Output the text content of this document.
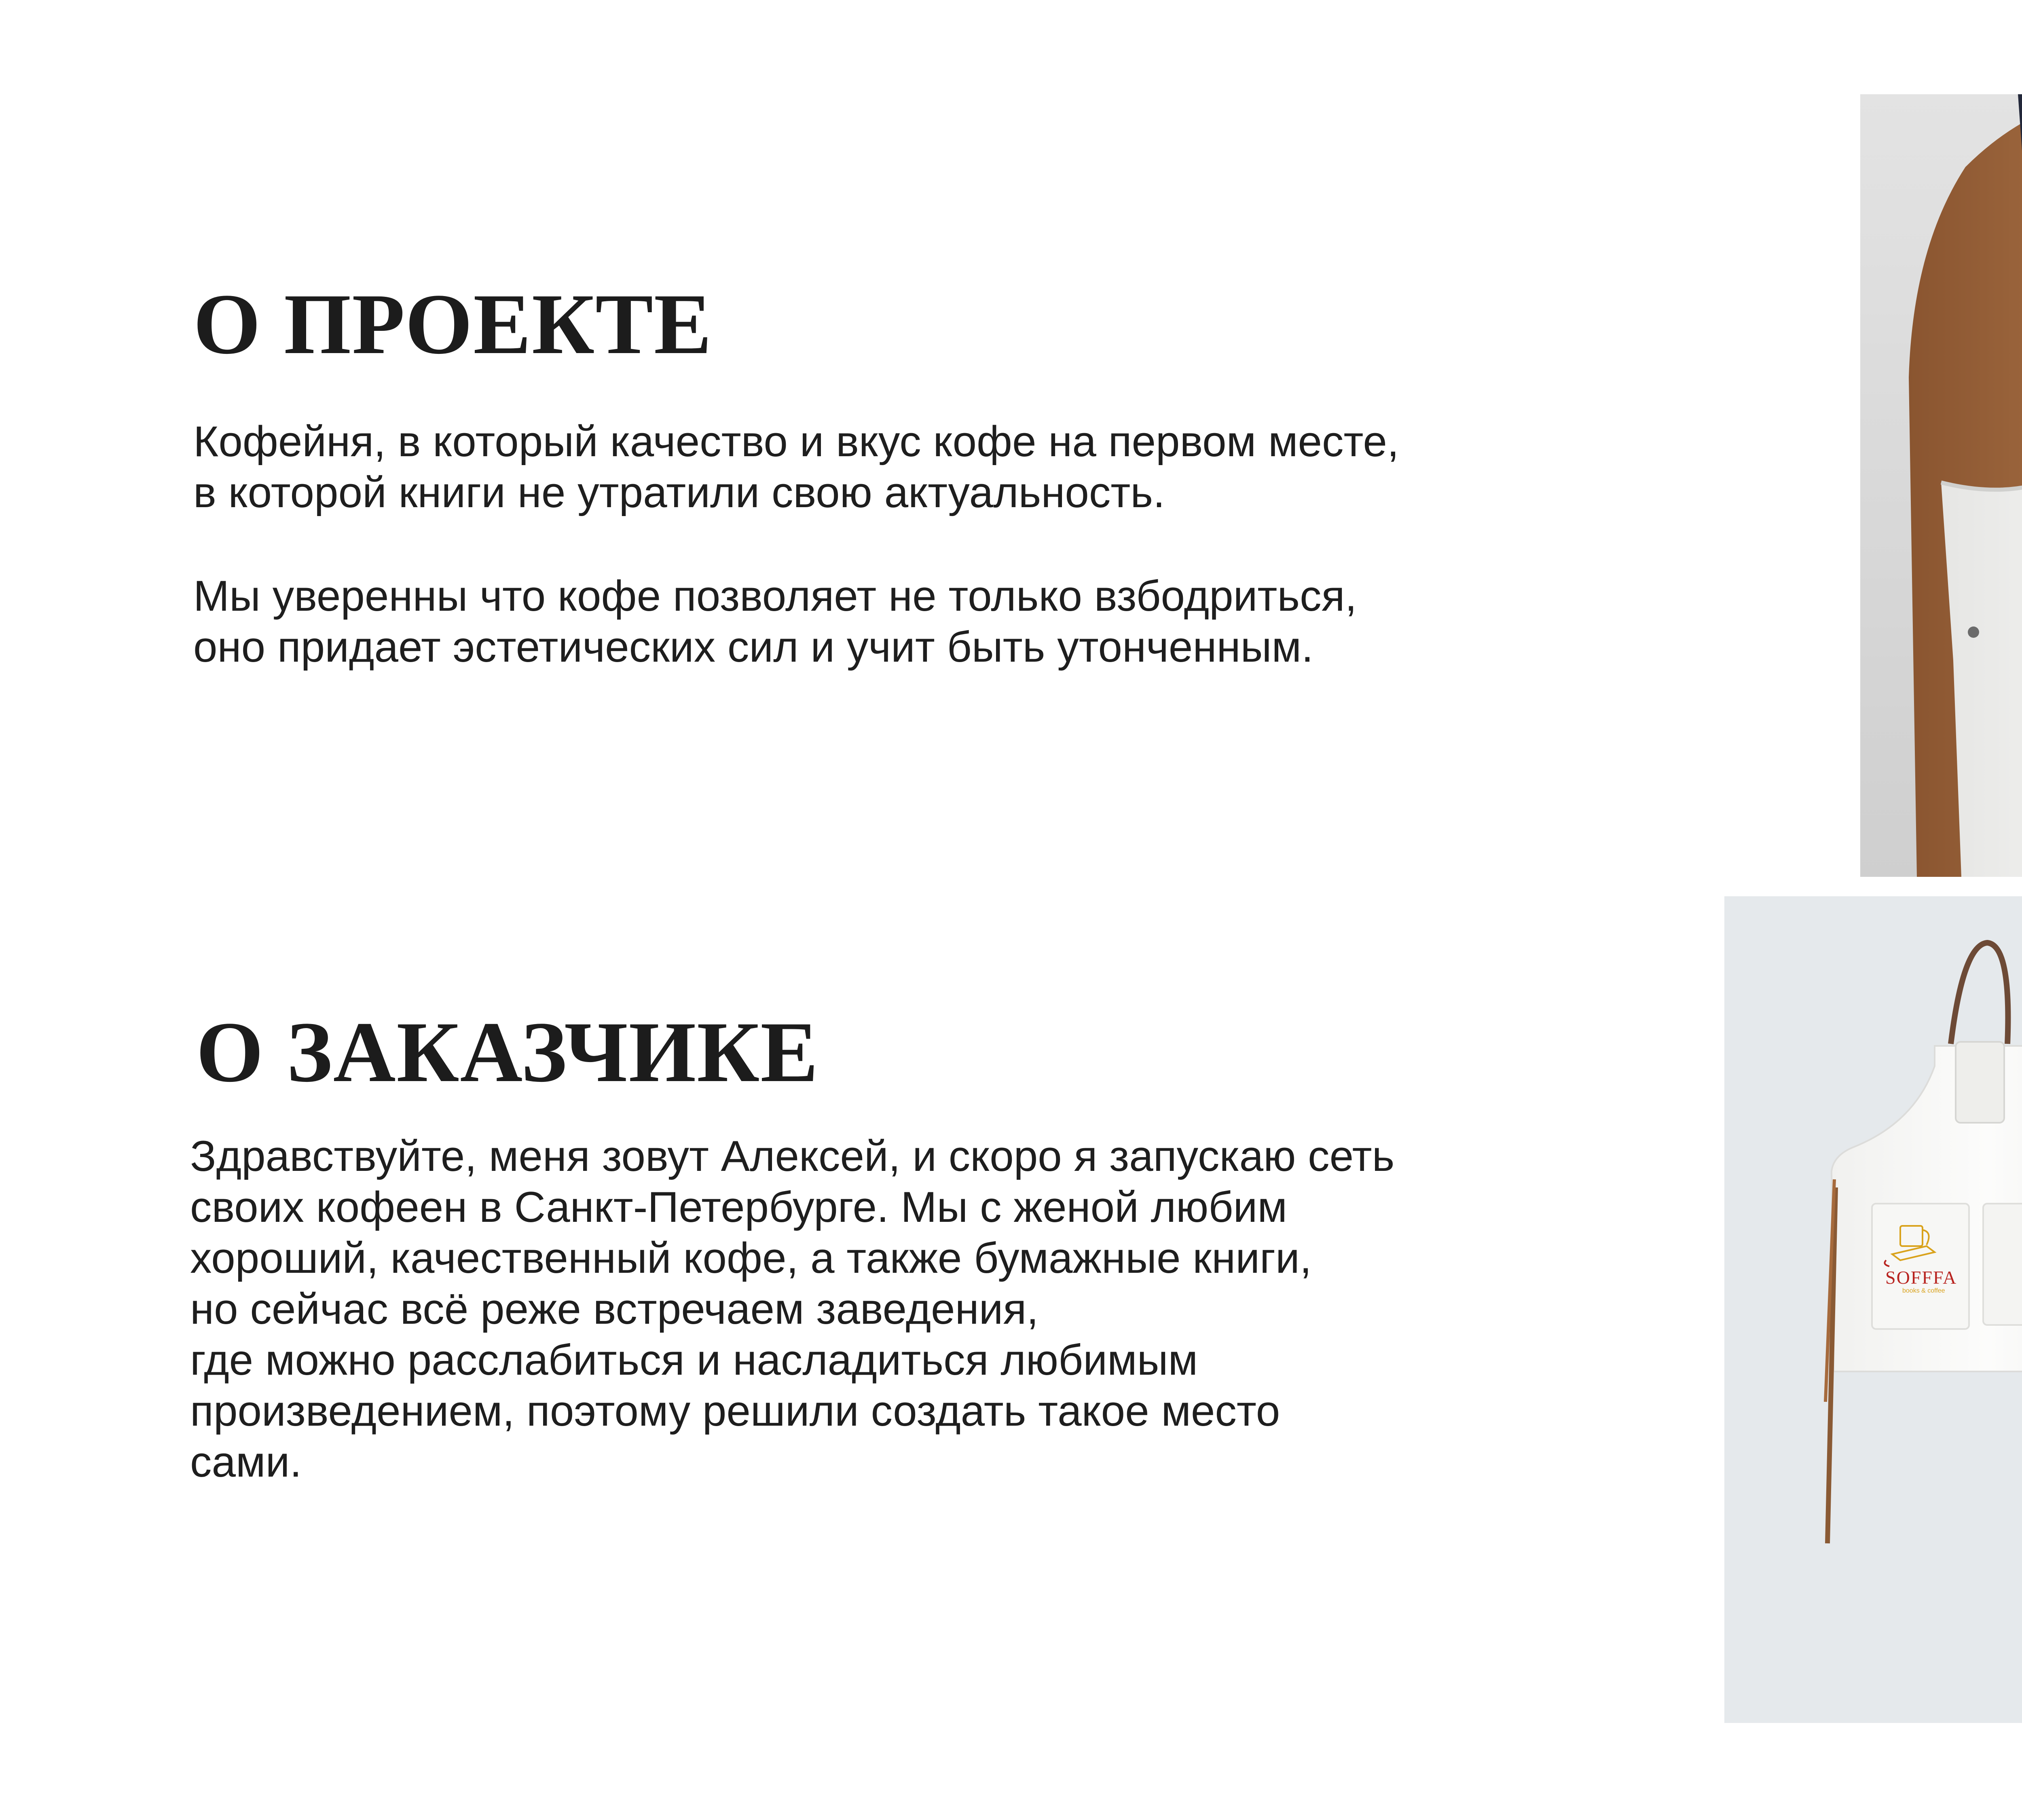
О ПРОЕКТЕ

Кофейня, в который качество и вкус кофе на первом месте,
в которой книги не утратили свою актуальность.

Мы уверенны что кофе позволяет не только взбодриться,
оно придает эстетических сил и учит быть утонченным.

О ЗАКАЗЧИКЕ

Здравствуйте, меня зовут Алексей, и скоро я запускаю сеть
своих кофеен в Санкт-Петербурге. Мы с женой любим
хороший, качественный кофе, а также бумажные книги,
но сейчас всё реже встречаем заведения,
где можно расслабиться и насладиться любимым
произведением, поэтому решили создать такое место
сами.

SOFFFA
books & coffee
